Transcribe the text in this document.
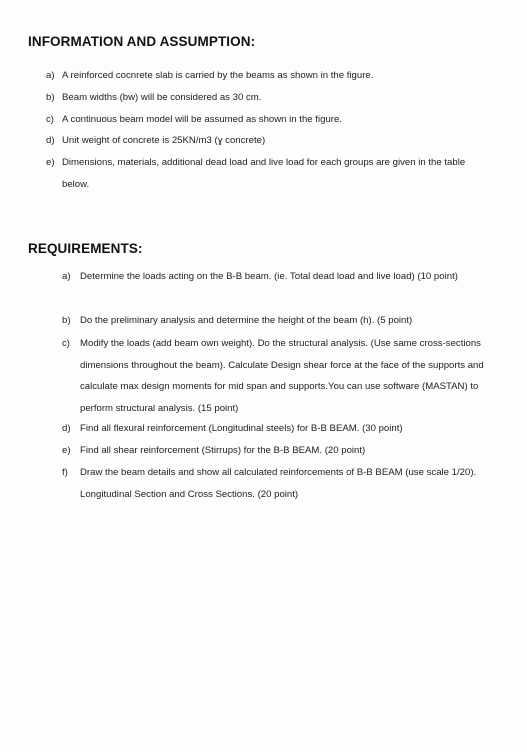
INFORMATION AND ASSUMPTION:
a) A reinforced cocnrete slab is carried by the beams as shown in the figure.
b) Beam widths (bw) will be considered as 30 cm.
c) A continuous beam model will be assumed as shown in the figure.
d) Unit weight of concrete is 25KN/m3 (ɣ concrete)
e) Dimensions, materials, additional dead load and live load for each groups are given in the table below.
REQUIREMENTS:
a) Determine the loads acting on the B-B beam. (ie. Total dead load and live load) (10 point)
b) Do the preliminary analysis and determine the height of the beam (h). (5 point)
c) Modify the loads (add beam own weight). Do the structural analysis. (Use same cross-sections dimensions throughout the beam). Calculate Design shear force at the face of the supports and calculate max design moments for mid span and supports.You can use software (MASTAN) to perform structural analysis. (15 point)
d) Find all flexural reinforcement (Longitudinal steels) for B-B BEAM. (30 point)
e) Find all shear reinforcement (Stirrups) for the B-B BEAM. (20 point)
f) Draw the beam details and show all calculated reinforcements of B-B BEAM (use scale 1/20). Longitudinal Section and Cross Sections. (20 point)
